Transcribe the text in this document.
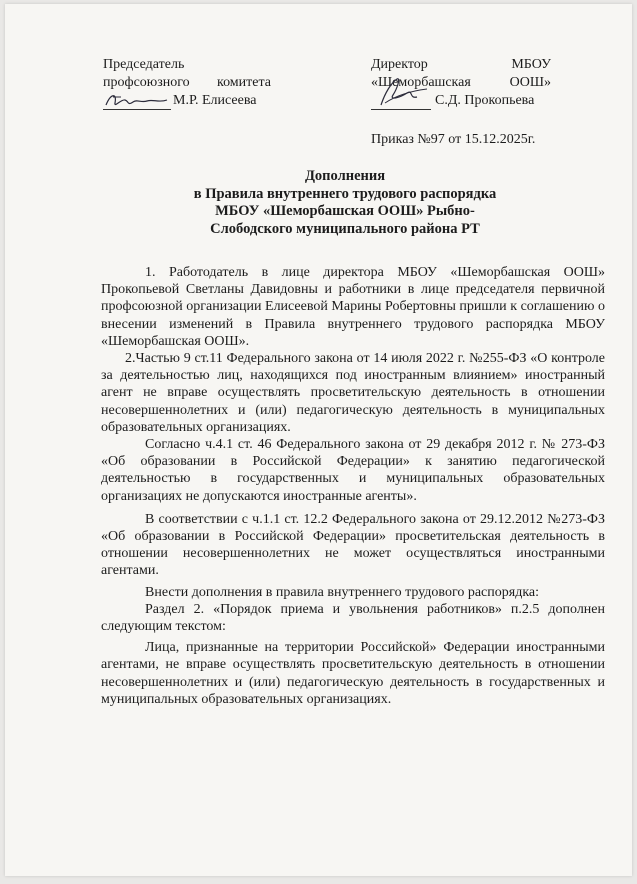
Председатель
профсоюзного комитета
М.Р. Елисеева
Директор	МБОУ
«Шеморбашская	ООШ»
С.Д. Прокопьева
Приказ №97 от 15.12.2025г.
Дополнения
в Правила внутреннего трудового распорядка
МБОУ «Шеморбашская ООШ» Рыбно-
Слободского муниципального района РТ

1. Работодатель в лице директора МБОУ «Шеморбашская ООШ» Прокопьевой Светланы Давидовны и работники в лице председателя первичной профсоюзной организации Елисеевой Марины Робертовны пришли к соглашению о внесении изменений в Правила внутреннего трудового распорядка МБОУ «Шеморбашская ООШ».

2.Частью 9 ст.11 Федерального закона от 14 июля 2022 г. №255-ФЗ «О контроле за деятельностью лиц, находящихся под иностранным влиянием» иностранный агент не вправе осуществлять просветительскую деятельность в отношении несовершеннолетних и (или) педагогическую деятельность в муниципальных образовательных организациях.

Согласно ч.4.1 ст. 46 Федерального закона от 29 декабря 2012 г. № 273-ФЗ «Об образовании в Российской Федерации» к занятию педагогической деятельностью в государственных и муниципальных образовательных организациях не допускаются иностранные агенты».

В соответствии с ч.1.1 ст. 12.2 Федерального закона от 29.12.2012 №273-ФЗ «Об образовании в Российской Федерации» просветительская деятельность в отношении несовершеннолетних не может осуществляться иностранными агентами.

Внести дополнения в правила внутреннего трудового распорядка:

Раздел 2. «Порядок приема и увольнения работников» п.2.5 дополнен следующим текстом:

Лица, признанные на территории Российской» Федерации иностранными агентами, не вправе осуществлять просветительскую деятельность в отношении несовершеннолетних и (или) педагогическую деятельность в государственных и муниципальных образовательных организациях.
